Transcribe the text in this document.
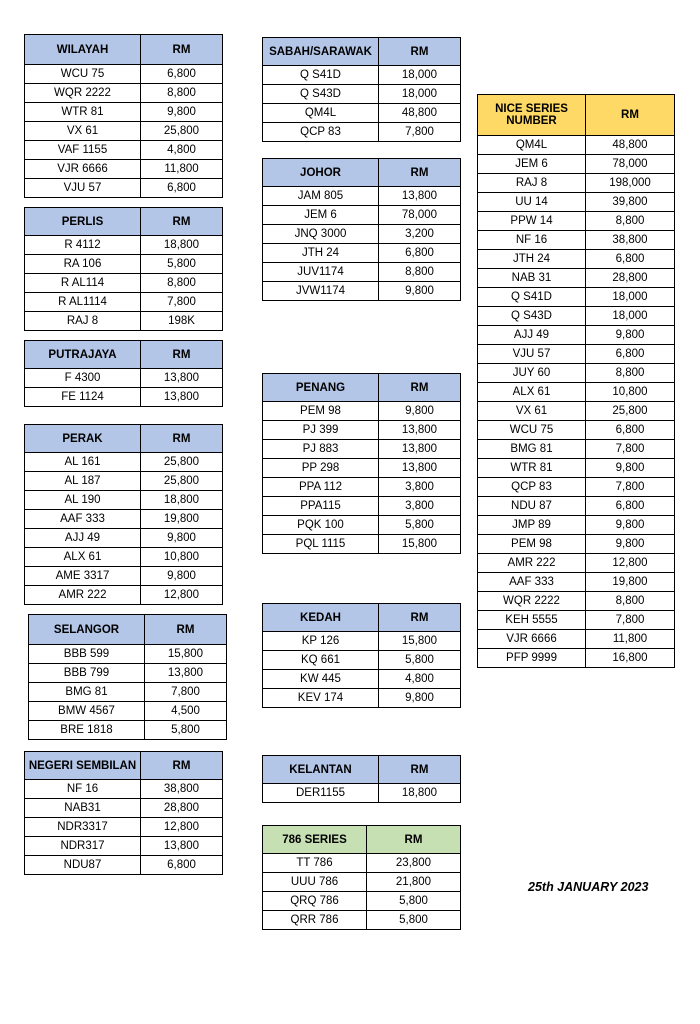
WILAYAH	RM
WCU 75	6,800
WQR 2222	8,800
WTR 81	9,800
VX 61	25,800
VAF 1155	4,800
VJR 6666	11,800
VJU 57	6,800
PERLIS	RM
R 4112	18,800
RA 106	5,800
R AL114	8,800
R AL1114	7,800
RAJ 8	198K
PUTRAJAYA	RM
F 4300	13,800
FE 1124	13,800
PERAK	RM
AL 161	25,800
AL 187	25,800
AL 190	18,800
AAF 333	19,800
AJJ 49	9,800
ALX 61	10,800
AME 3317	9,800
AMR 222	12,800
SELANGOR	RM
BBB 599	15,800
BBB 799	13,800
BMG 81	7,800
BMW 4567	4,500
BRE 1818	5,800
NEGERI SEMBILAN	RM
NF 16	38,800
NAB31	28,800
NDR3317	12,800
NDR317	13,800
NDU87	6,800
SABAH/SARAWAK	RM
Q S41D	18,000
Q S43D	18,000
QM4L	48,800
QCP 83	7,800
JOHOR	RM
JAM 805	13,800
JEM 6	78,000
JNQ 3000	3,200
JTH 24	6,800
JUV1174	8,800
JVW1174	9,800
PENANG	RM
PEM 98	9,800
PJ 399	13,800
PJ 883	13,800
PP 298	13,800
PPA 112	3,800
PPA115	3,800
PQK 100	5,800
PQL 1115	15,800
KEDAH	RM
KP 126	15,800
KQ 661	5,800
KW 445	4,800
KEV 174	9,800
KELANTAN	RM
DER1155	18,800
786 SERIES	RM
TT 786	23,800
UUU 786	21,800
QRQ 786	5,800
QRR 786	5,800
NICE SERIES NUMBER	RM
QM4L	48,800
JEM 6	78,000
RAJ 8	198,000
UU 14	39,800
PPW 14	8,800
NF 16	38,800
JTH 24	6,800
NAB 31	28,800
Q S41D	18,000
Q S43D	18,000
AJJ 49	9,800
VJU 57	6,800
JUY 60	8,800
ALX 61	10,800
VX 61	25,800
WCU 75	6,800
BMG 81	7,800
WTR 81	9,800
QCP 83	7,800
NDU 87	6,800
JMP 89	9,800
PEM 98	9,800
AMR 222	12,800
AAF 333	19,800
WQR 2222	8,800
KEH 5555	7,800
VJR 6666	11,800
PFP 9999	16,800
25th JANUARY 2023
